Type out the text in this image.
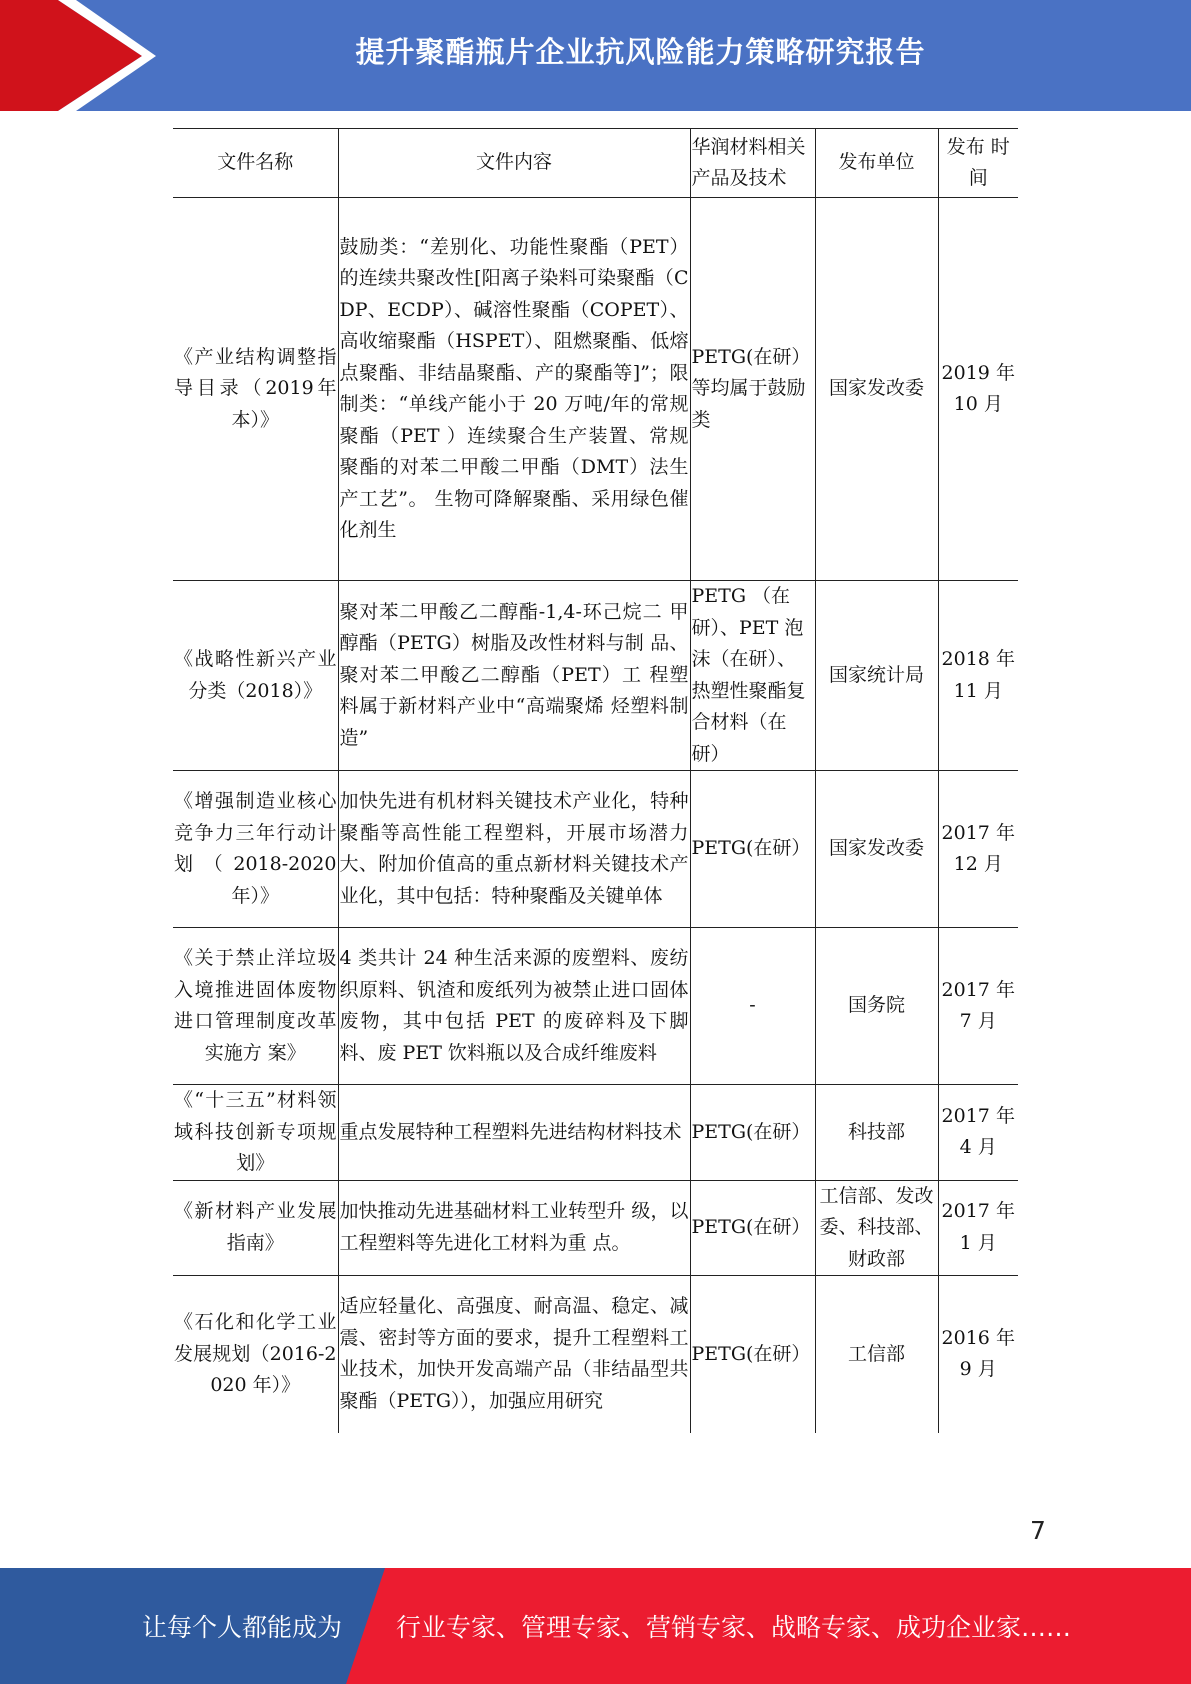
提升聚酯瓶片企业抗风险能力策略研究报告
文件名称	文件内容	华润材料相关产品及技术	发布单位	发布 时间
《产业结构调整指导目录（2019年本）》	鼓励类：“差别化、功能性聚酯（PET） 的连续共聚改性[阳离子染料可染聚酯（CDP、ECDP）、碱溶性聚酯（COPET）、高收缩聚酯（HSPET）、阻燃聚酯、低熔点聚酯、非结晶聚酯、产的聚酯等]”；限制类：“单线产能小于 20 万吨/年的常规聚酯（PET ）连续聚合生产装置、常规聚酯的对苯二甲酸二甲酯（DMT）法生产工艺”。 生物可降解聚酯、采用绿色催化剂生	PETG(在研）等均属于鼓励类	国家发改委	2019 年 10 月
《战略性新兴产业分类（2018）》	聚对苯二甲酸乙二醇酯-1,4-环己烷二 甲醇酯（PETG）树脂及改性材料与制 品、聚对苯二甲酸乙二醇酯（PET）工 程塑料属于新材料产业中“高端聚烯 烃塑料制造”	PETG （在研）、PET 泡沫（在研）、热塑性聚酯复合材料（在研）	国家统计局	2018 年 11 月
《增强制造业核心竞争力三年行动计划（2018-2020 年）》	加快先进有机材料关键技术产业化，特种聚酯等高性能工程塑料，开展市场潜力大、附加价值高的重点新材料关键技术产业化，其中包括：特种聚酯及关键单体	PETG(在研）	国家发改委	2017 年 12 月
《关于禁止洋垃圾入境推进固体废物进口管理制度改革实施方 案》	4 类共计 24 种生活来源的废塑料、废纺织原料、钒渣和废纸列为被禁止进口固体废物，其中包括 PET 的废碎料及下脚料、废 PET 饮料瓶以及合成纤维废料	-	国务院	2017 年 7 月
《“十三五”材料领域科技创新专项规划》	重点发展特种工程塑料先进结构材料技术	PETG(在研）	科技部	2017 年 4 月
《新材料产业发展指南》	加快推动先进基础材料工业转型升 级，以工程塑料等先进化工材料为重 点。	PETG(在研）	工信部、发改委、科技部、财政部	2017 年 1 月
《石化和化学工业发展规划（2016-2020 年）》	适应轻量化、高强度、耐高温、稳定、减震、密封等方面的要求，提升工程塑料工业技术，加快开发高端产品（非结晶型共聚酯（PETG）），加强应用研究	PETG(在研）	工信部	2016 年 9 月
7
让每个人都能成为 行业专家、管理专家、营销专家、战略专家、成功企业家……
